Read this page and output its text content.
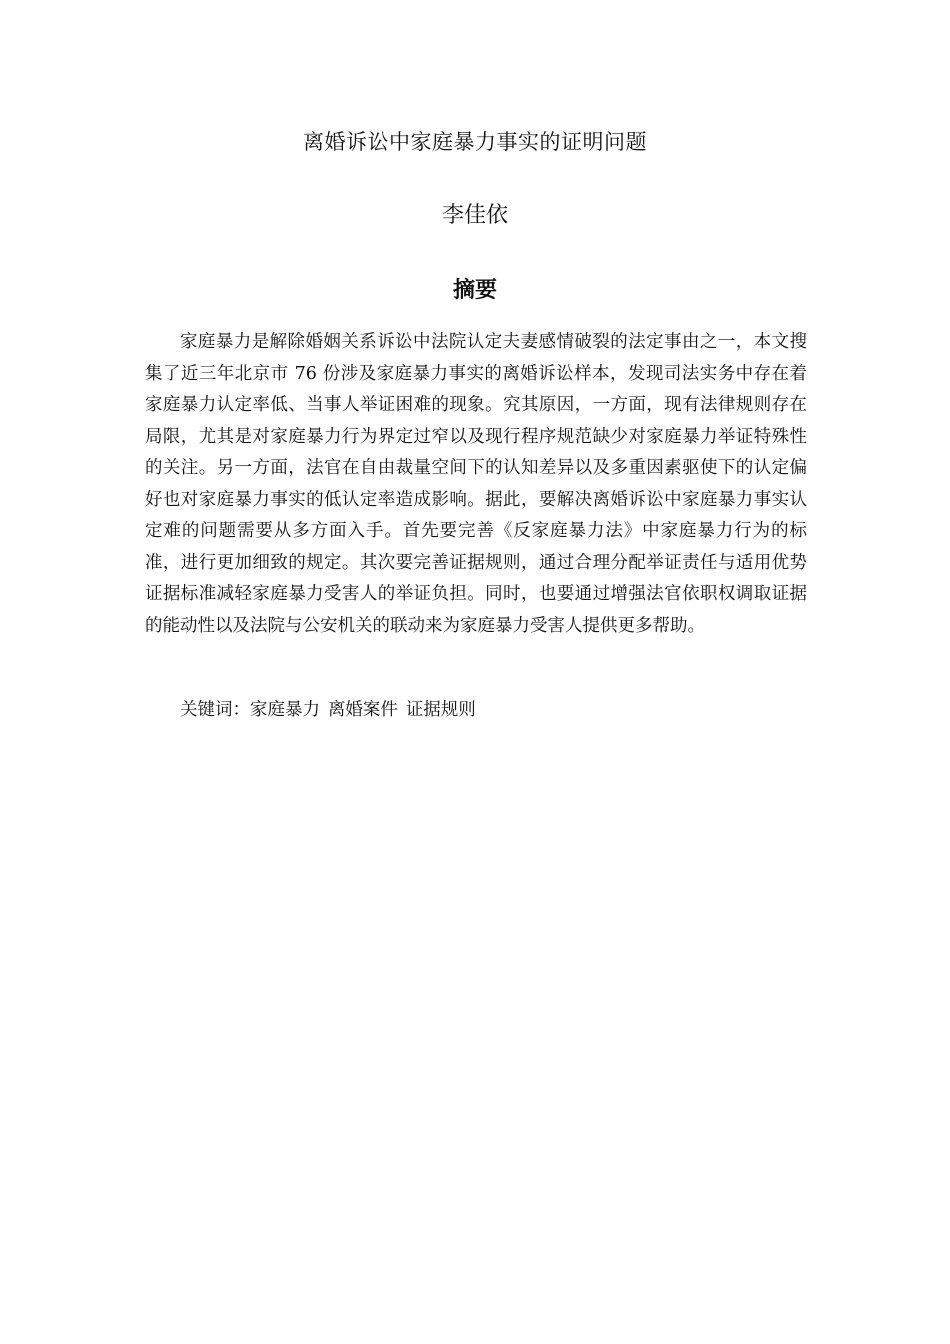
离婚诉讼中家庭暴力事实的证明问题
李佳依
摘要

家庭暴力是解除婚姻关系诉讼中法院认定夫妻感情破裂的法定事由之一，本文搜集了近三年北京市 76 份涉及家庭暴力事实的离婚诉讼样本，发现司法实务中存在着家庭暴力认定率低、当事人举证困难的现象。究其原因，一方面，现有法律规则存在局限，尤其是对家庭暴力行为界定过窄以及现行程序规范缺少对家庭暴力举证特殊性的关注。另一方面，法官在自由裁量空间下的认知差异以及多重因素驱使下的认定偏好也对家庭暴力事实的低认定率造成影响。据此，要解决离婚诉讼中家庭暴力事实认定难的问题需要从多方面入手。首先要完善《反家庭暴力法》中家庭暴力行为的标准，进行更加细致的规定。其次要完善证据规则，通过合理分配举证责任与适用优势证据标准减轻家庭暴力受害人的举证负担。同时，也要通过增强法官依职权调取证据的能动性以及法院与公安机关的联动来为家庭暴力受害人提供更多帮助。

关键词：家庭暴力 离婚案件 证据规则
